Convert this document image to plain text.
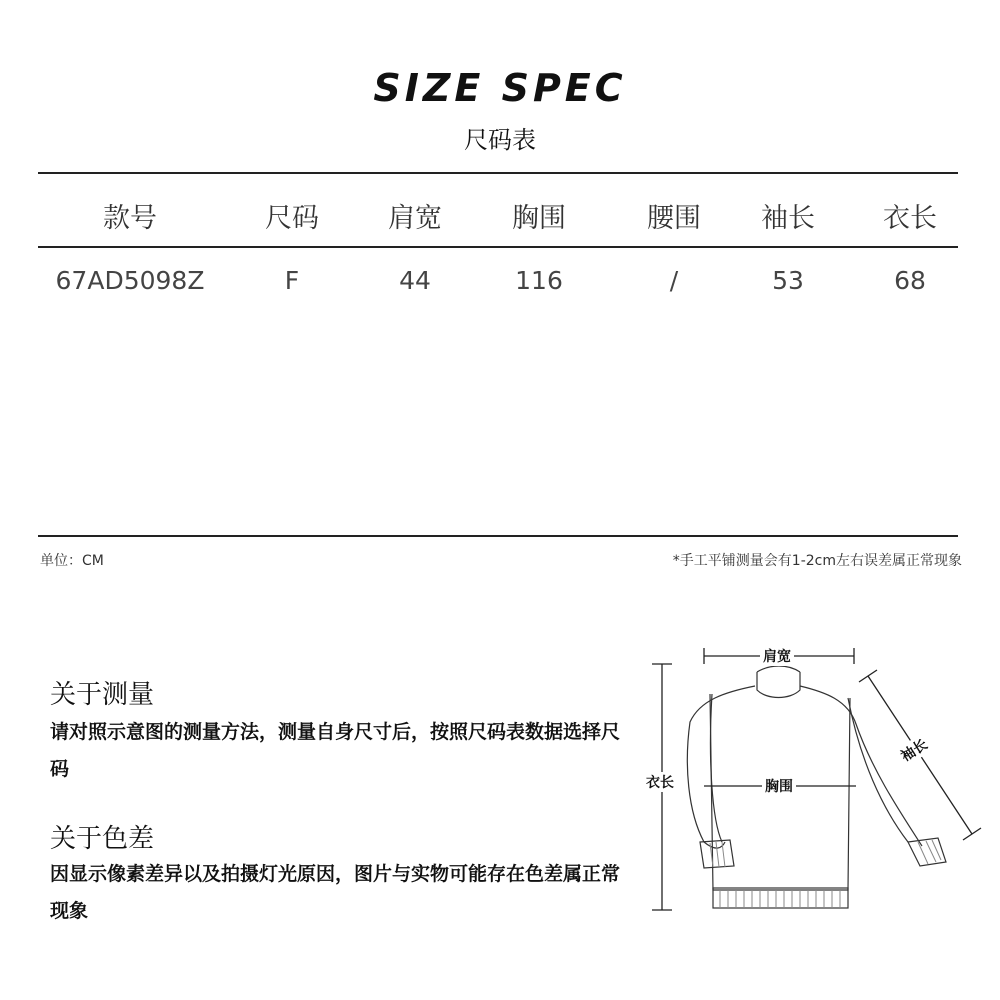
SIZE SPEC
尺码表
款号	尺码	肩宽	胸围	腰围	袖长	衣长
67AD5098Z	F	44	116	/	53	68
单位：CM	*手工平铺测量会有1-2cm左右误差属正常现象
关于测量
请对照示意图的测量方法，测量自身尺寸后，按照尺码表数据选择尺码
关于色差
因显示像素差异以及拍摄灯光原因，图片与实物可能存在色差属正常现象
肩宽
胸围
衣长
袖长
